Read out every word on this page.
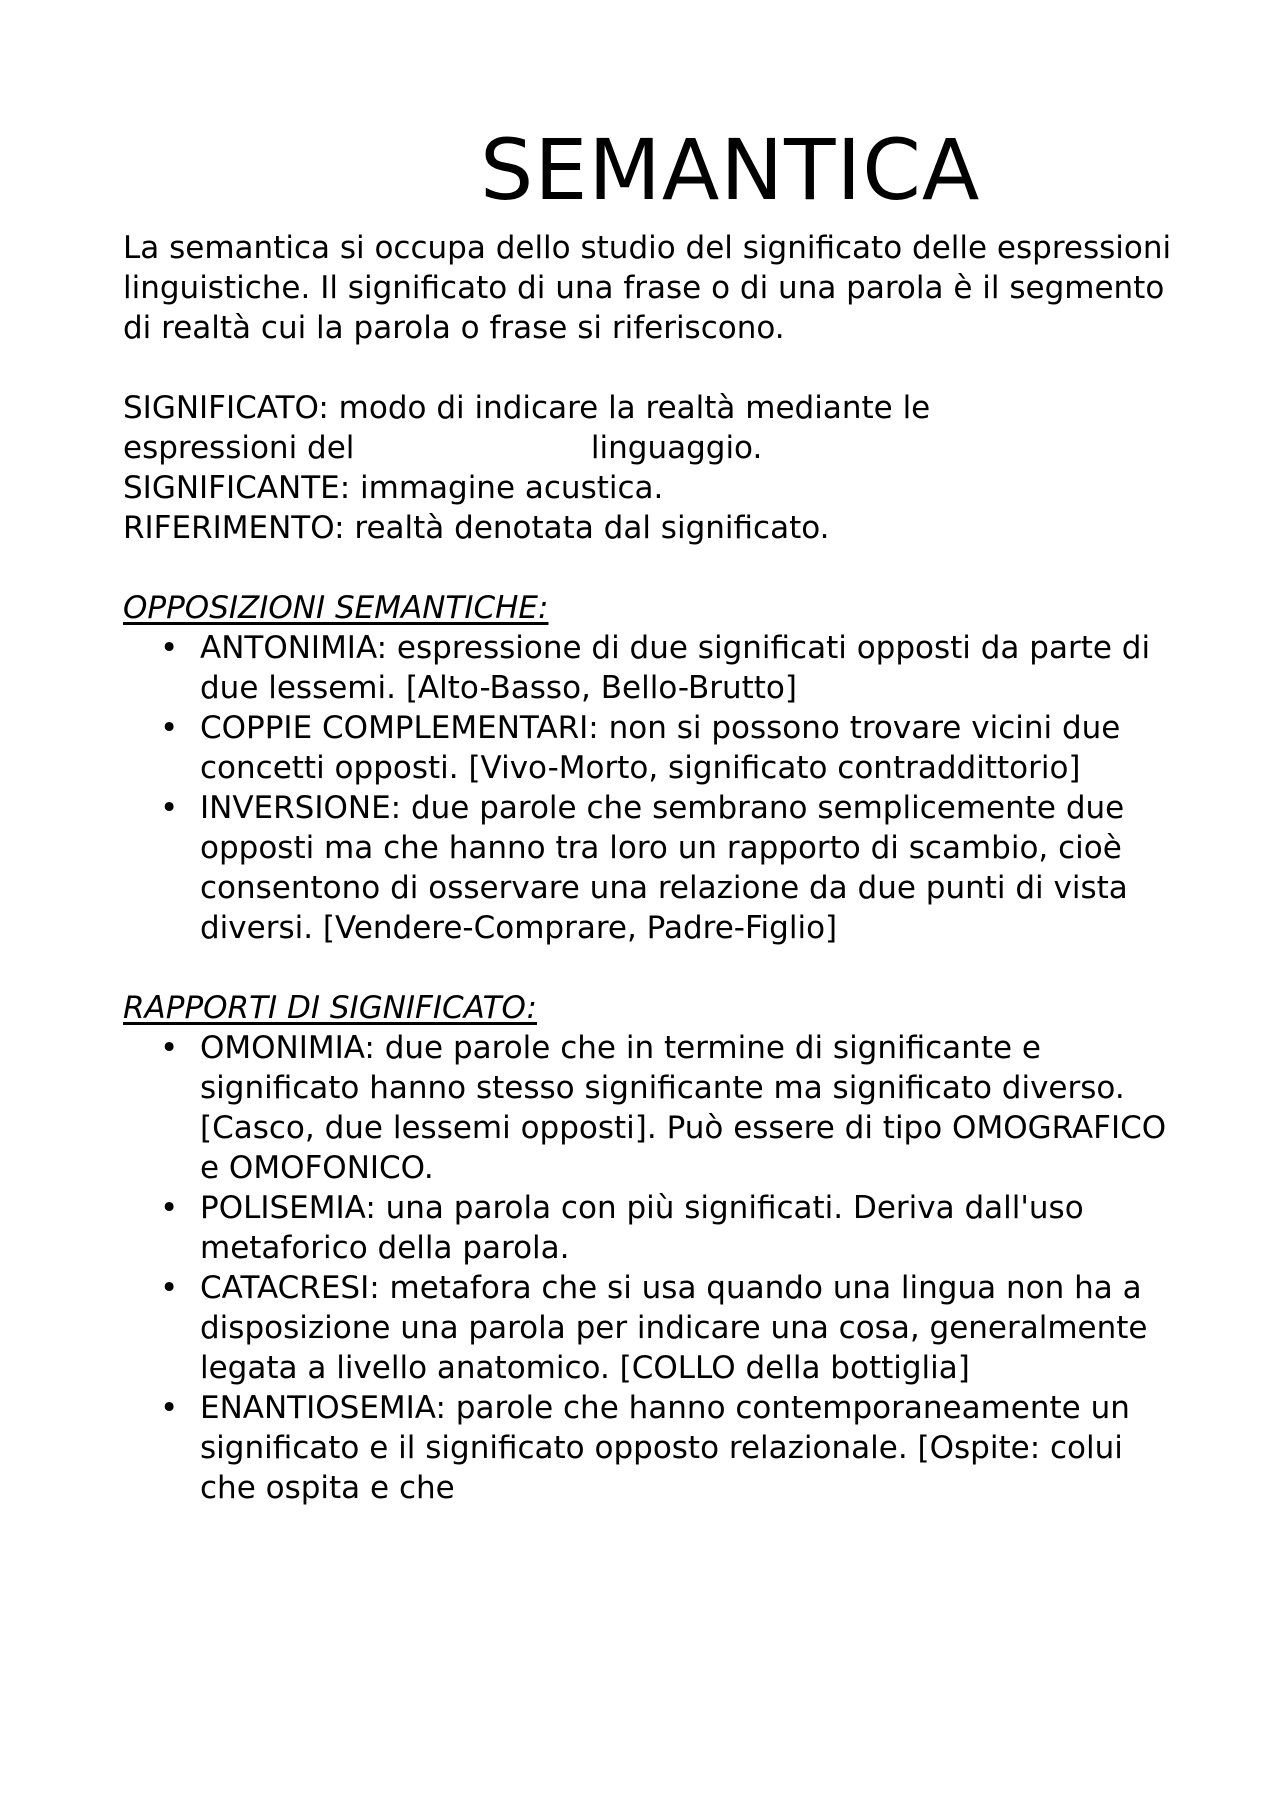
SEMANTICA

La semantica si occupa dello studio del significato delle espressioni linguistiche. Il significato di una frase o di una parola è il segmento di realtà cui la parola o frase si riferiscono.

SIGNIFICATO: modo di indicare la realtà mediante le
espressioni del                        linguaggio.
SIGNIFICANTE: immagine acustica.
RIFERIMENTO: realtà denotata dal significato.
OPPOSIZIONI SEMANTICHE:
• ANTONIMIA: espressione di due significati opposti da parte di due lessemi. [Alto-Basso, Bello-Brutto]
• COPPIE COMPLEMENTARI: non si possono trovare vicini due concetti opposti. [Vivo-Morto, significato contraddittorio]
• INVERSIONE: due parole che sembrano semplicemente due opposti ma che hanno tra loro un rapporto di scambio, cioè consentono di osservare una relazione da due punti di vista diversi. [Vendere-Comprare, Padre-Figlio]
RAPPORTI DI SIGNIFICATO:
• OMONIMIA: due parole che in termine di significante e significato hanno stesso significante ma significato diverso. [Casco, due lessemi opposti]. Può essere di tipo OMOGRAFICO e OMOFONICO.
• POLISEMIA: una parola con più significati. Deriva dall'uso metaforico della parola.
• CATACRESI: metafora che si usa quando una lingua non ha a disposizione una parola per indicare una cosa, generalmente legata a livello anatomico. [COLLO della bottiglia]
• ENANTIOSEMIA: parole che hanno contemporaneamente un significato e il significato opposto relazionale. [Ospite: colui che ospita e che
